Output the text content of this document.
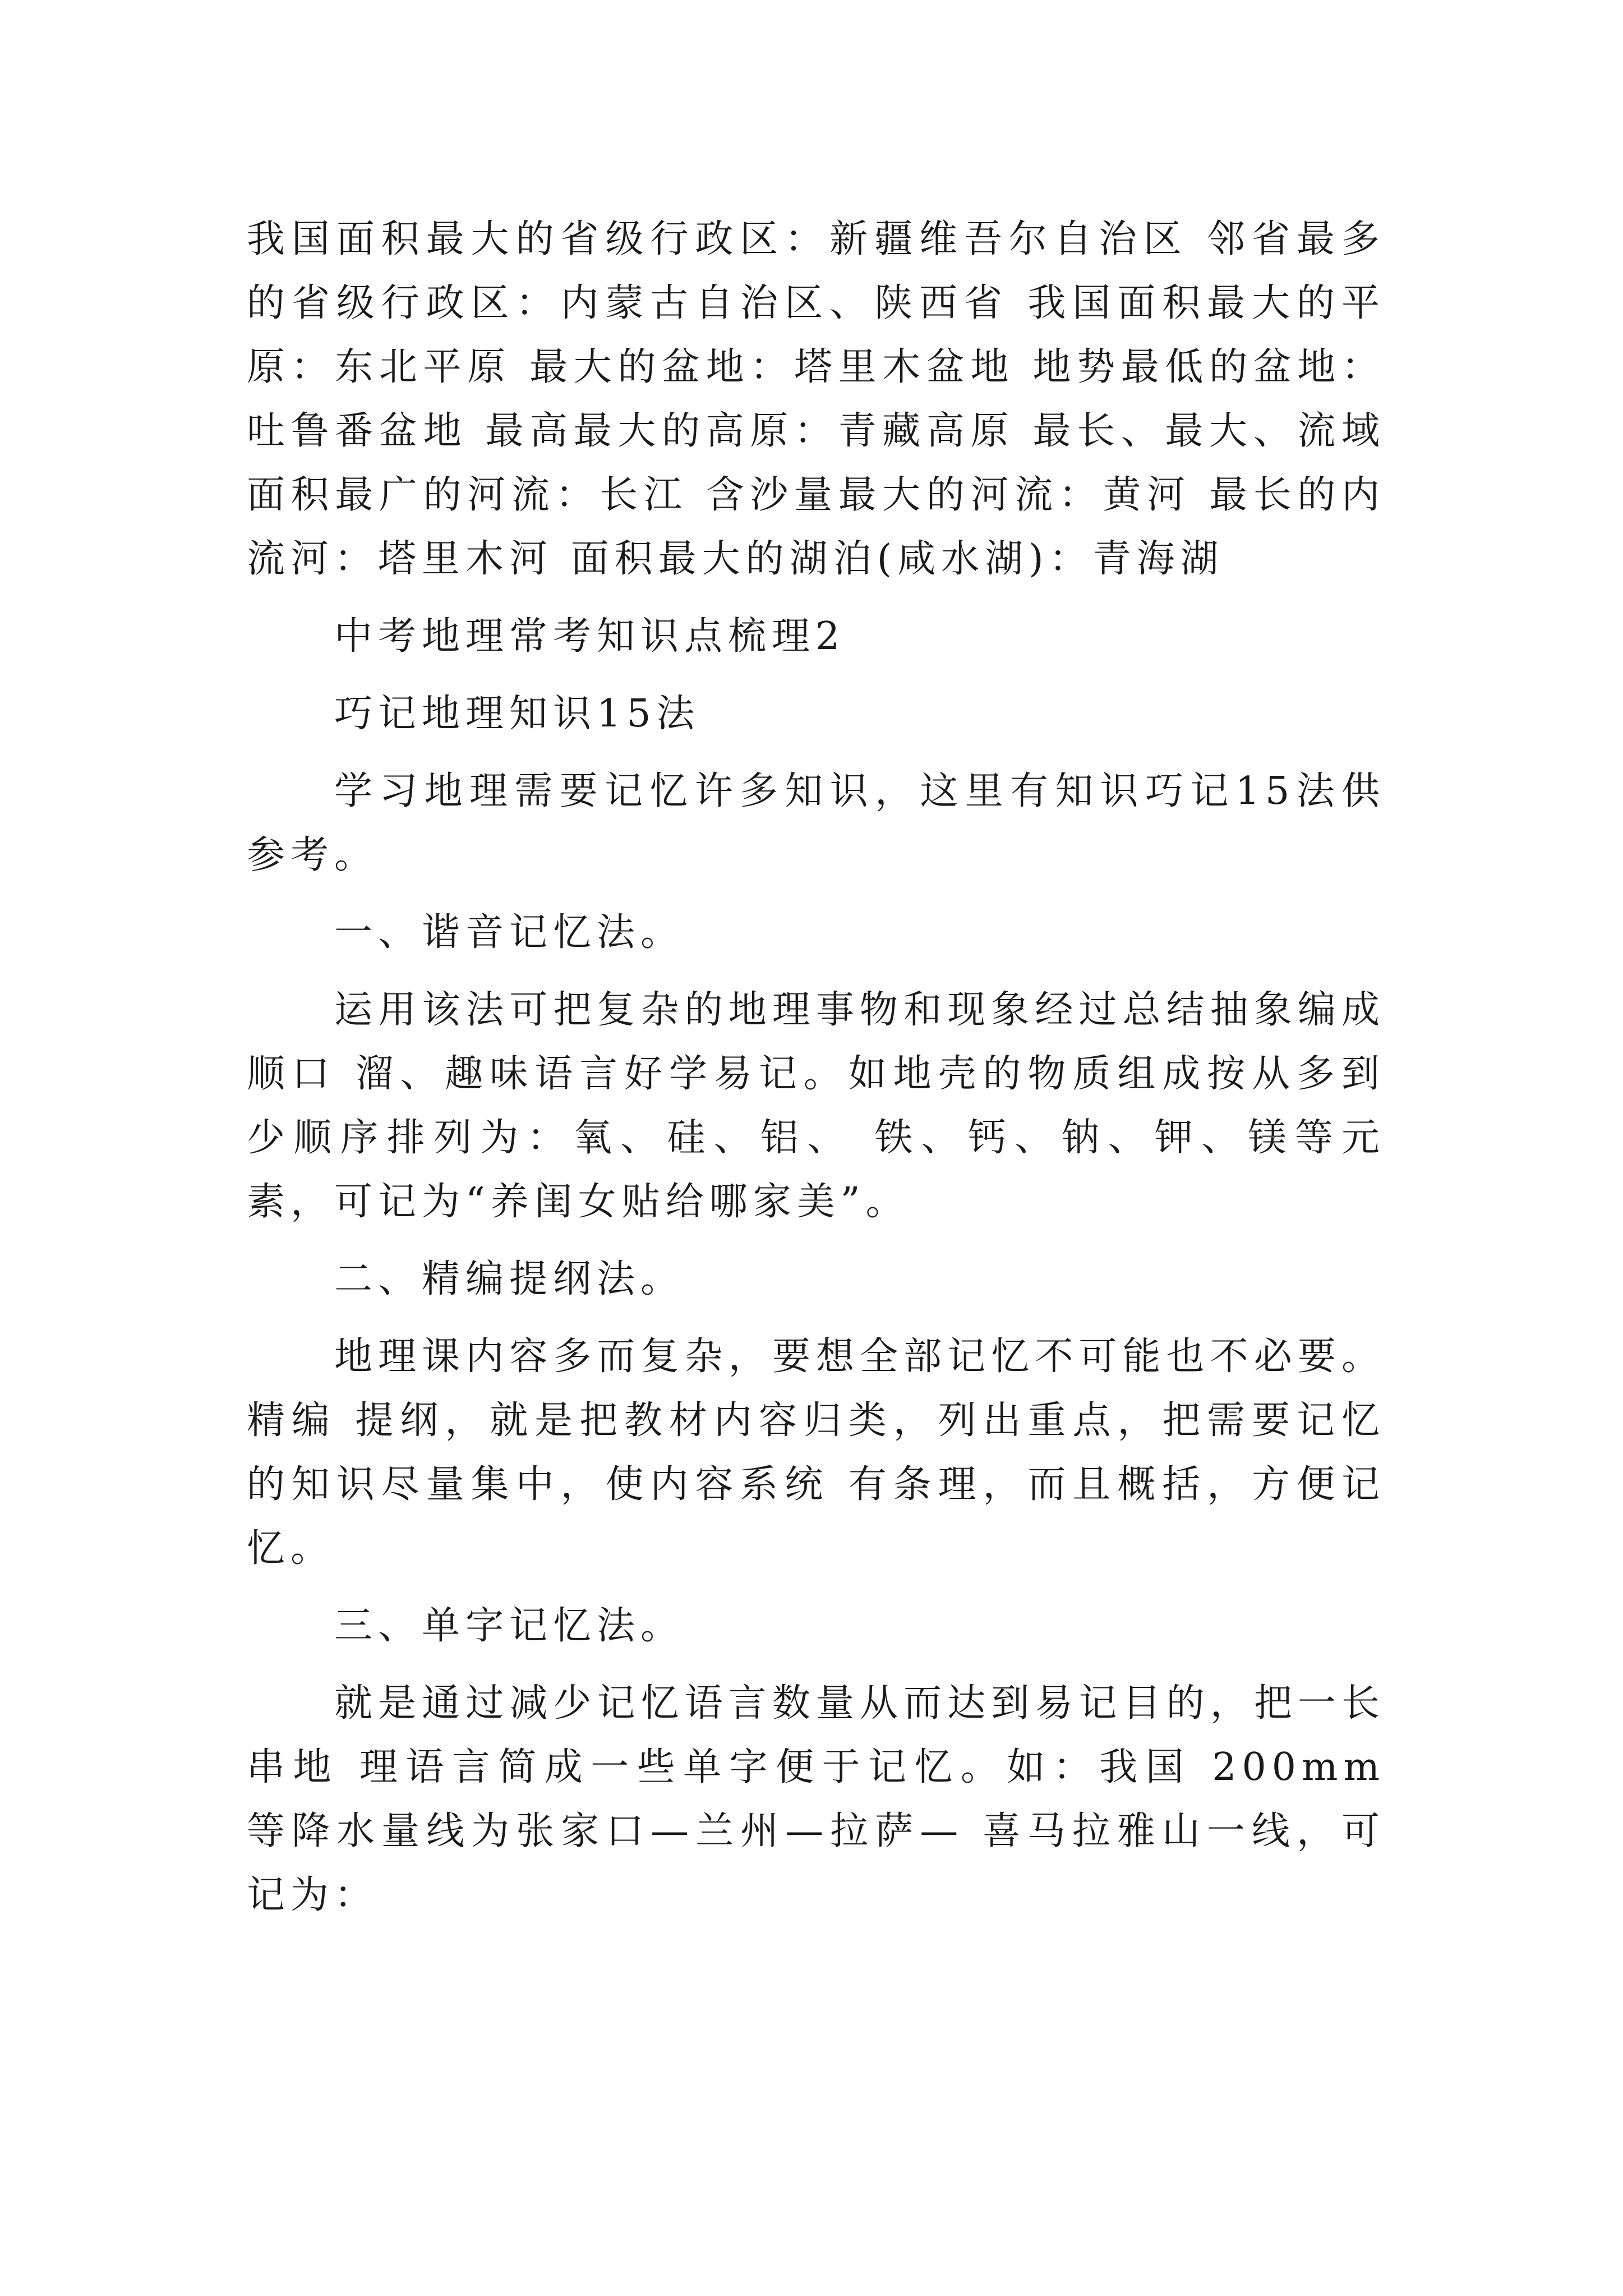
我国面积最大的省级行政区：新疆维吾尔自治区 邻省最多的省级行政区：内蒙古自治区、陕西省 我国面积最大的平原：东北平原 最大的盆地：塔里木盆地 地势最低的盆地：吐鲁番盆地 最高最大的高原：青藏高原 最长、最大、流域面积最广的河流：长江 含沙量最大的河流：黄河 最长的内流河：塔里木河 面积最大的湖泊(咸水湖)：青海湖

中考地理常考知识点梳理2

巧记地理知识15法

学习地理需要记忆许多知识，这里有知识巧记15法供参考。

一、谐音记忆法。

运用该法可把复杂的地理事物和现象经过总结抽象编成顺口 溜、趣味语言好学易记。如地壳的物质组成按从多到少顺序排列为：氧、硅、铝、 铁、钙、钠、钾、镁等元素，可记为“养闺女贴给哪家美”。

二、精编提纲法。

地理课内容多而复杂，要想全部记忆不可能也不必要。精编 提纲，就是把教材内容归类，列出重点，把需要记忆的知识尽量集中，使内容系统 有条理，而且概括，方便记忆。

三、单字记忆法。

就是通过减少记忆语言数量从而达到易记目的，把一长串地 理语言简成一些单字便于记忆。如：我国 200mm 等降水量线为张家口—兰州—拉萨— 喜马拉雅山一线，可记为：
